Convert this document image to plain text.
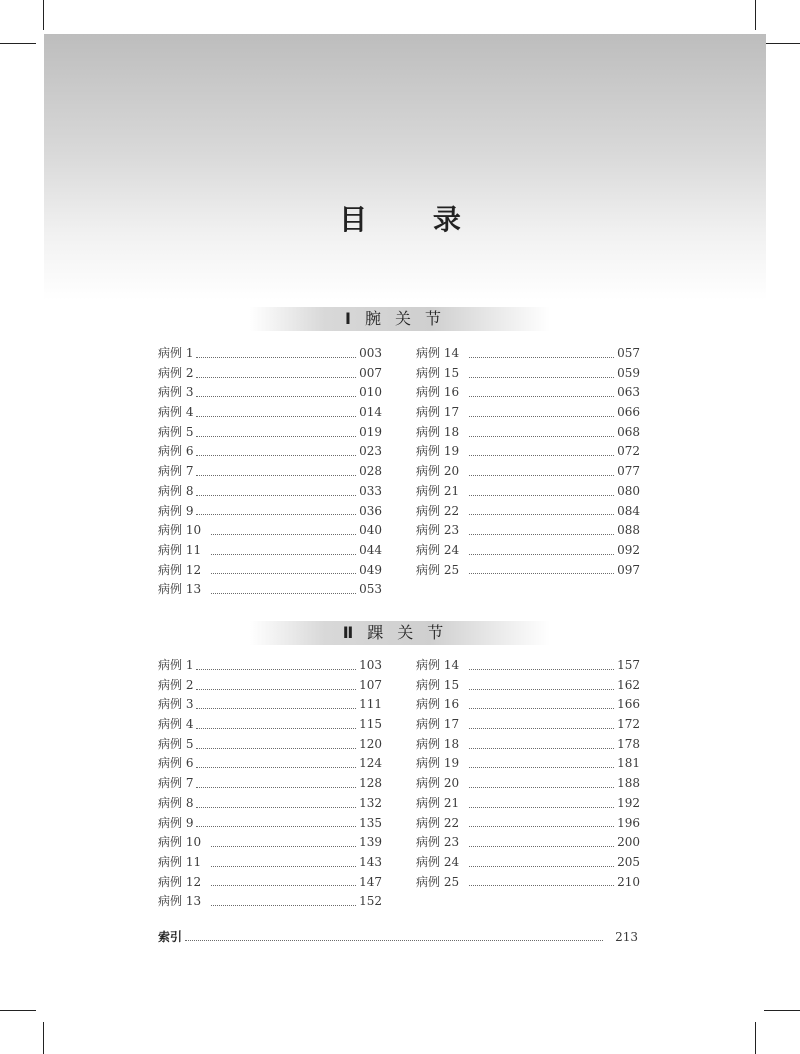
目 录
Ⅰ 腕关节
病例 1	003
病例 2	007
病例 3	010
病例 4	014
病例 5	019
病例 6	023
病例 7	028
病例 8	033
病例 9	036
病例 10	040
病例 11	044
病例 12	049
病例 13	053
病例 14	057
病例 15	059
病例 16	063
病例 17	066
病例 18	068
病例 19	072
病例 20	077
病例 21	080
病例 22	084
病例 23	088
病例 24	092
病例 25	097
Ⅱ 踝关节
病例 1	103
病例 2	107
病例 3	111
病例 4	115
病例 5	120
病例 6	124
病例 7	128
病例 8	132
病例 9	135
病例 10	139
病例 11	143
病例 12	147
病例 13	152
病例 14	157
病例 15	162
病例 16	166
病例 17	172
病例 18	178
病例 19	181
病例 20	188
病例 21	192
病例 22	196
病例 23	200
病例 24	205
病例 25	210
索引	213
